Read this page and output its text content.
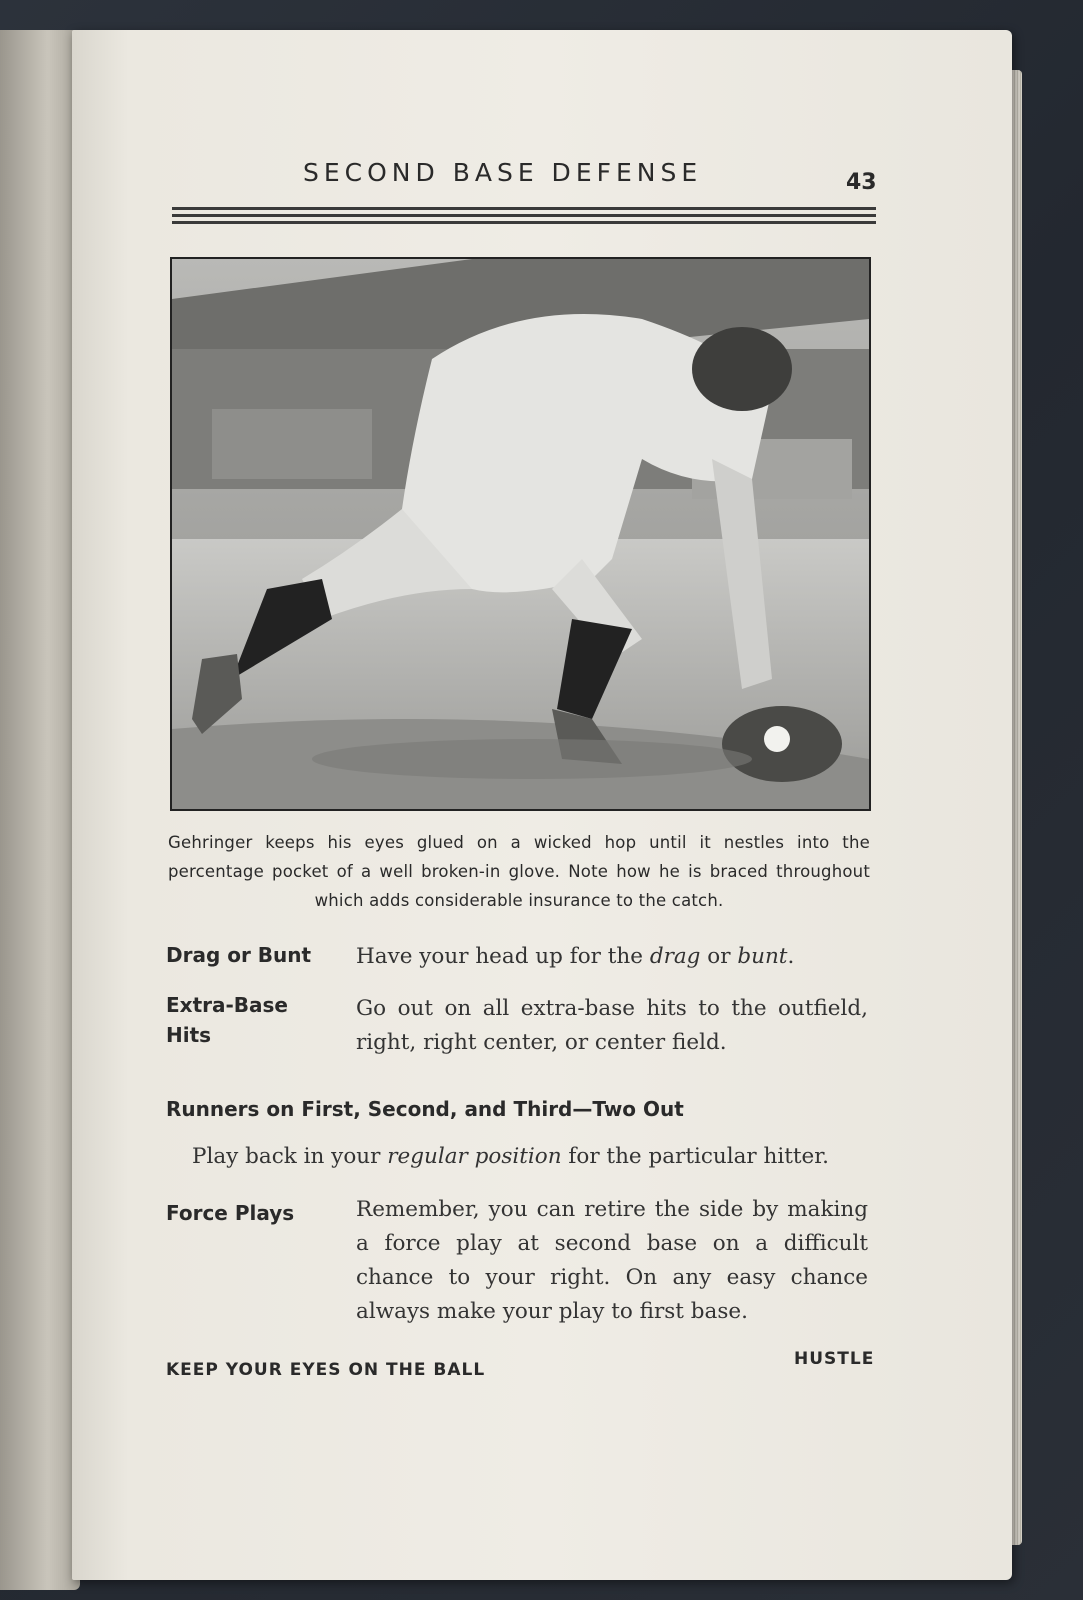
SECOND BASE DEFENSE	43
Gehringer keeps his eyes glued on a wicked hop until it nestles into the percentage pocket of a well broken-in glove. Note how he is braced throughout which adds considerable insurance to the catch.
Drag or Bunt Have your head up for the drag or bunt.
Extra-Base
Hits
Go out on all extra-base hits to the outfield, right, right center, or center field.
Runners on First, Second, and Third—Two Out
Play back in your regular position for the particular hitter.
Force Plays	Remember, you can retire the side by making a force play at second base on a difficult chance to your right. On any easy chance always make your play to first base.
KEEP YOUR EYES ON THE BALL
HUSTLE
